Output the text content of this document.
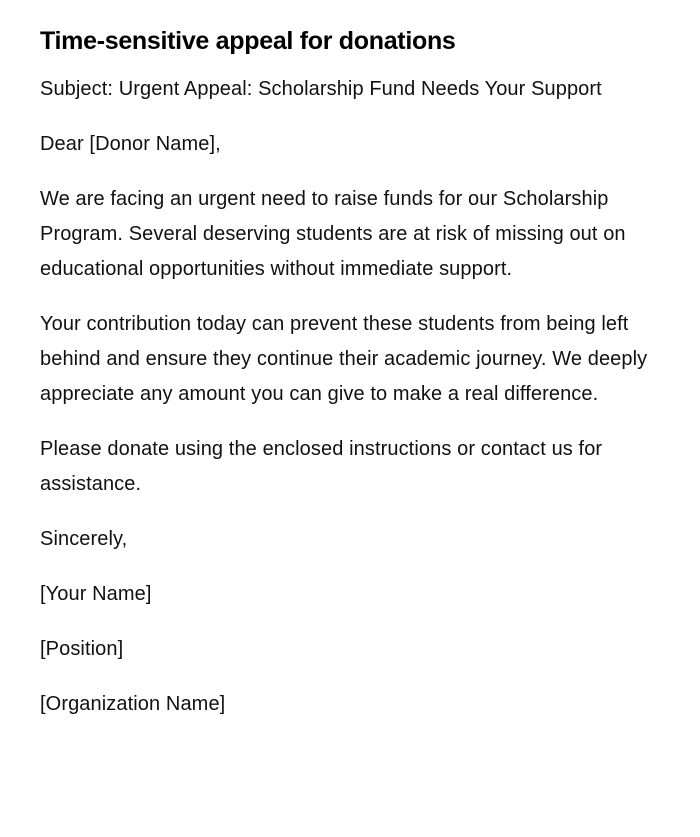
Time-sensitive appeal for donations

Subject: Urgent Appeal: Scholarship Fund Needs Your Support

Dear [Donor Name],

We are facing an urgent need to raise funds for our Scholarship Program. Several deserving students are at risk of missing out on educational opportunities without immediate support.

Your contribution today can prevent these students from being left behind and ensure they continue their academic journey. We deeply appreciate any amount you can give to make a real difference.

Please donate using the enclosed instructions or contact us for assistance.

Sincerely,

[Your Name]

[Position]

[Organization Name]
